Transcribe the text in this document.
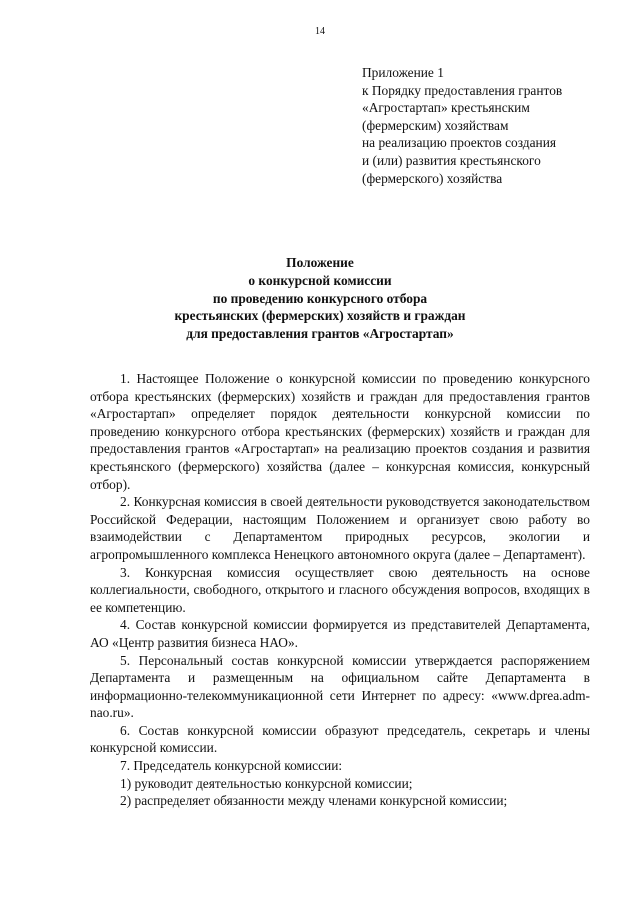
14
Приложение 1
к Порядку предоставления грантов
«Агростартап» крестьянским
(фермерским) хозяйствам
на реализацию проектов создания
и (или) развития крестьянского
(фермерского) хозяйства
Положение
о конкурсной комиссии
по проведению конкурсного отбора
крестьянских (фермерских) хозяйств и граждан
для предоставления грантов «Агростартап»

1. Настоящее Положение о конкурсной комиссии по проведению конкурсного отбора крестьянских (фермерских) хозяйств и граждан для предоставления грантов «Агростартап» определяет порядок деятельности конкурсной комиссии по проведению конкурсного отбора крестьянских (фермерских) хозяйств и граждан для предоставления грантов «Агростартап» на реализацию проектов создания и развития крестьянского (фермерского) хозяйства (далее – конкурсная комиссия, конкурсный отбор).

2. Конкурсная комиссия в своей деятельности руководствуется законодательством Российской Федерации, настоящим Положением и организует свою работу во взаимодействии с Департаментом природных ресурсов, экологии и агропромышленного комплекса Ненецкого автономного округа (далее – Департамент).

3. Конкурсная комиссия осуществляет свою деятельность на основе коллегиальности, свободного, открытого и гласного обсуждения вопросов, входящих в ее компетенцию.

4. Состав конкурсной комиссии формируется из представителей Департамента, АО «Центр развития бизнеса НАО».

5. Персональный состав конкурсной комиссии утверждается распоряжением Департамента и размещенным на официальном сайте Департамента в информационно-телекоммуникационной сети Интернет по адресу: «www.dprea.adm-nao.ru».

6. Состав конкурсной комиссии образуют председатель, секретарь и члены конкурсной комиссии.

7. Председатель конкурсной комиссии:

1) руководит деятельностью конкурсной комиссии;

2) распределяет обязанности между членами конкурсной комиссии;
